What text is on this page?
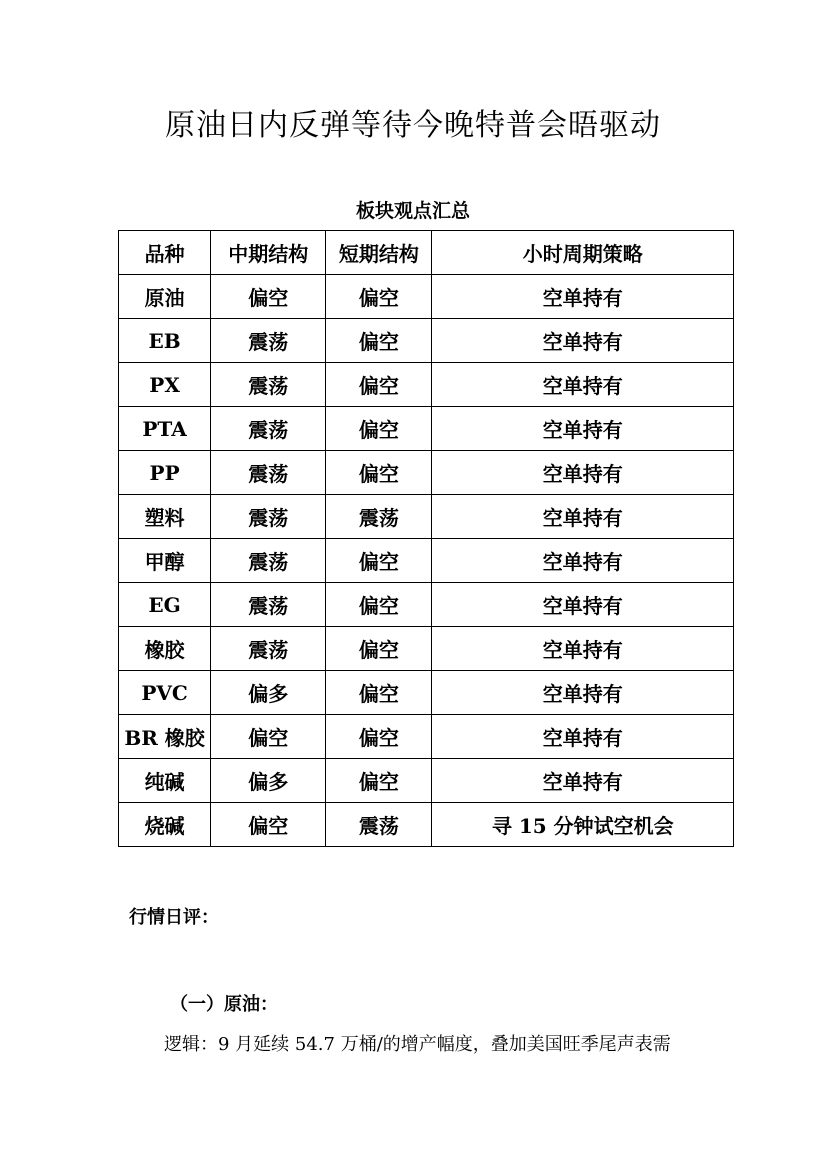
原油日内反弹等待今晚特普会晤驱动
板块观点汇总
品种	中期结构	短期结构	小时周期策略
原油	偏空	偏空	空单持有
EB	震荡	偏空	空单持有
PX	震荡	偏空	空单持有
PTA	震荡	偏空	空单持有
PP	震荡	偏空	空单持有
塑料	震荡	震荡	空单持有
甲醇	震荡	偏空	空单持有
EG	震荡	偏空	空单持有
橡胶	震荡	偏空	空单持有
PVC	偏多	偏空	空单持有
BR 橡胶	偏空	偏空	空单持有
纯碱	偏多	偏空	空单持有
烧碱	偏空	震荡	寻 15 分钟试空机会
行情日评：
（一）原油：
逻辑：9 月延续 54.7 万桶/的增产幅度，叠加美国旺季尾声表需
